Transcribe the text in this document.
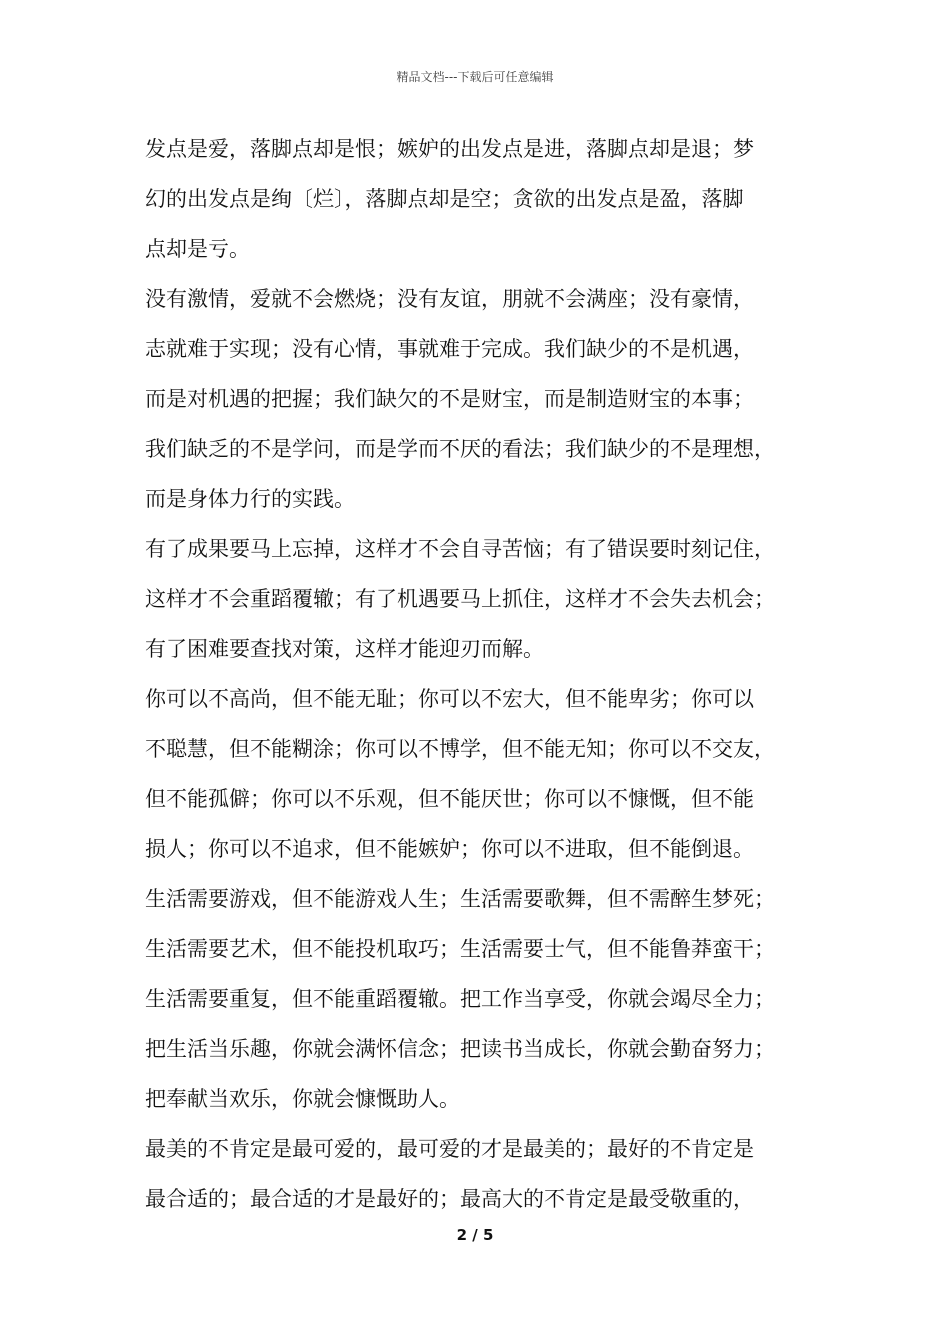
精品文档---下载后可任意编辑
发点是爱，落脚点却是恨；嫉妒的出发点是进，落脚点却是退；梦
幻的出发点是绚〔烂〕，落脚点却是空；贪欲的出发点是盈，落脚
点却是亏。
没有激情，爱就不会燃烧；没有友谊，朋就不会满座；没有豪情，
志就难于实现；没有心情，事就难于完成。我们缺少的不是机遇，
而是对机遇的把握；我们缺欠的不是财宝，而是制造财宝的本事；
我们缺乏的不是学问，而是学而不厌的看法；我们缺少的不是理想，
而是身体力行的实践。
有了成果要马上忘掉，这样才不会自寻苦恼；有了错误要时刻记住，
这样才不会重蹈覆辙；有了机遇要马上抓住，这样才不会失去机会；
有了困难要查找对策，这样才能迎刃而解。
你可以不高尚，但不能无耻；你可以不宏大，但不能卑劣；你可以
不聪慧，但不能糊涂；你可以不博学，但不能无知；你可以不交友，
但不能孤僻；你可以不乐观，但不能厌世；你可以不慷慨，但不能
损人；你可以不追求，但不能嫉妒；你可以不进取，但不能倒退。
生活需要游戏，但不能游戏人生；生活需要歌舞，但不需醉生梦死；
生活需要艺术，但不能投机取巧；生活需要士气，但不能鲁莽蛮干；
生活需要重复，但不能重蹈覆辙。把工作当享受，你就会竭尽全力；
把生活当乐趣，你就会满怀信念；把读书当成长，你就会勤奋努力；
把奉献当欢乐，你就会慷慨助人。
最美的不肯定是最可爱的，最可爱的才是最美的；最好的不肯定是
最合适的；最合适的才是最好的；最高大的不肯定是最受敬重的，
2 / 5
